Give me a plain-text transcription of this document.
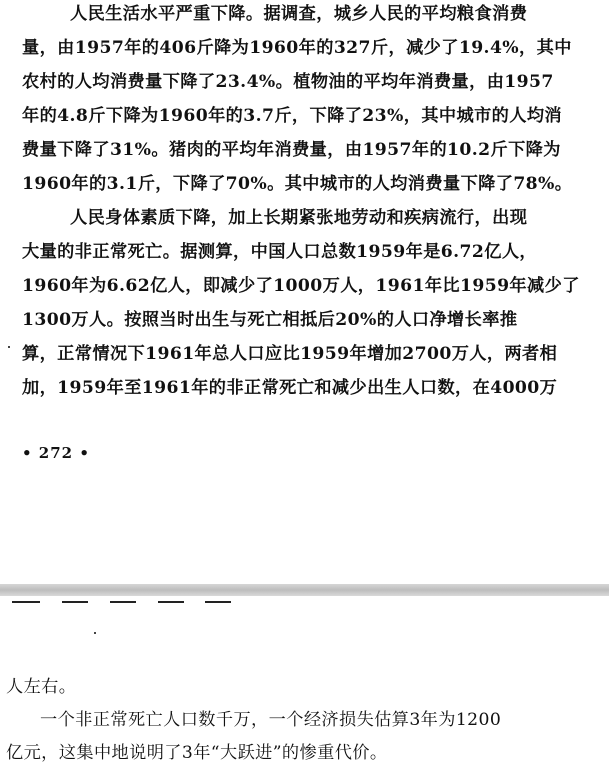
人民生活水平严重下降。据调查，城乡人民的平均粮食消费
量，由1957年的406斤降为1960年的327斤，减少了19.4%，其中
农村的人均消费量下降了23.4%。植物油的平均年消费量，由1957
年的4.8斤下降为1960年的3.7斤，下降了23%，其中城市的人均消
费量下降了31%。猪肉的平均年消费量，由1957年的10.2斤下降为
1960年的3.1斤，下降了70%。其中城市的人均消费量下降了78%。
人民身体素质下降，加上长期紧张地劳动和疾病流行，出现
大量的非正常死亡。据测算，中国人口总数1959年是6.72亿人，
1960年为6.62亿人，即减少了1000万人，1961年比1959年减少了
1300万人。按照当时出生与死亡相抵后20%的人口净增长率推
算，正常情况下1961年总人口应比1959年增加2700万人，两者相
加，1959年至1961年的非正常死亡和减少出生人口数，在4000万
• 272 •
人左右。
一个非正常死亡人口数千万，一个经济损失估算3年为1200
亿元，这集中地说明了3年“大跃进”的惨重代价。
